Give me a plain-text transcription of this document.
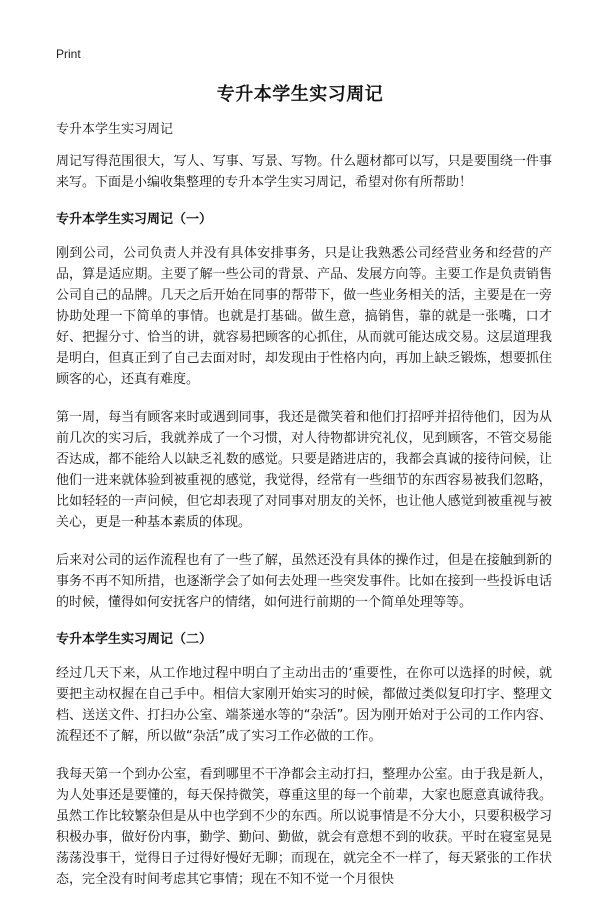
Print
专升本学生实习周记
专升本学生实习周记

周记写得范围很大，写人、写事、写景、写物。什么题材都可以写，只是要围绕一件事来写。下面是小编收集整理的专升本学生实习周记，希望对你有所帮助！

专升本学生实习周记（一）

刚到公司，公司负责人并没有具体安排事务，只是让我熟悉公司经营业务和经营的产品，算是适应期。主要了解一些公司的背景、产品、发展方向等。主要工作是负责销售公司自己的品牌。几天之后开始在同事的帮带下，做一些业务相关的活，主要是在一旁协助处理一下简单的事情。也就是打基础。做生意，搞销售，靠的就是一张嘴，口才好、把握分寸、恰当的讲，就容易把顾客的心抓住，从而就可能达成交易。这层道理我是明白，但真正到了自己去面对时，却发现由于性格内向，再加上缺乏锻炼，想要抓住顾客的心，还真有难度。

第一周，每当有顾客来时或遇到同事，我还是微笑着和他们打招呼并招待他们，因为从前几次的实习后，我就养成了一个习惯，对人待物都讲究礼仪，见到顾客，不管交易能否达成，都不能给人以缺乏礼数的感觉。只要是踏进店的，我都会真诚的接待问候，让他们一进来就体验到被重视的感觉，我觉得，经常有一些细节的东西容易被我们忽略，比如轻轻的一声问候，但它却表现了对同事对朋友的关怀，也让他人感觉到被重视与被关心，更是一种基本素质的体现。

后来对公司的运作流程也有了一些了解，虽然还没有具体的操作过，但是在接触到新的事务不再不知所措，也逐渐学会了如何去处理一些突发事件。比如在接到一些投诉电话的时候，懂得如何安抚客户的情绪，如何进行前期的一个简单处理等等。

专升本学生实习周记（二）

经过几天下来，从工作地过程中明白了主动出击的‘重要性，在你可以选择的时候，就要把主动权握在自己手中。相信大家刚开始实习的时候，都做过类似复印打字、整理文档、送送文件、打扫办公室、端茶递水等的“杂活”。因为刚开始对于公司的工作内容、流程还不了解，所以做“杂活”成了实习工作必做的工作。

我每天第一个到办公室，看到哪里不干净都会主动打扫，整理办公室。由于我是新人，为人处事还是要懂的，每天保持微笑，尊重这里的每一个前辈，大家也愿意真诚待我。虽然工作比较繁杂但是从中也学到不少的东西。所以说事情是不分大小，只要积极学习积极办事，做好份内事，勤学、勤问、勤做，就会有意想不到的收获。平时在寝室晃晃荡荡没事干，觉得日子过得好慢好无聊；而现在，就完全不一样了，每天紧张的工作状态，完全没有时间考虑其它事情；现在不知不觉一个月很快
